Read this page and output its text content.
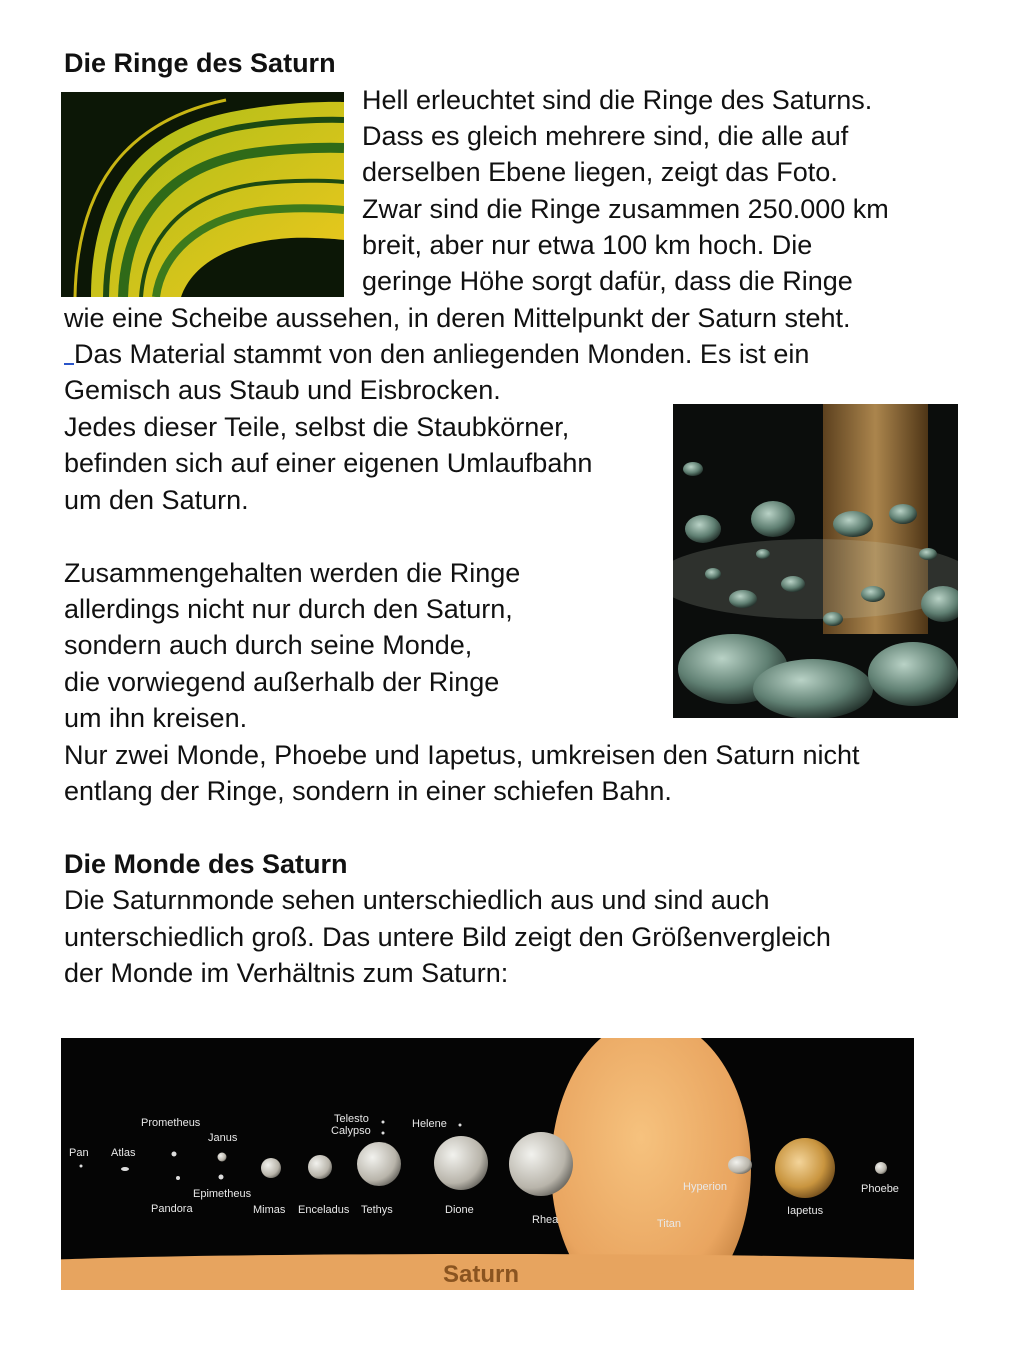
Die Ringe des Saturn
Hell erleuchtet sind die Ringe des Saturns.
Dass es gleich mehrere sind, die alle auf
derselben Ebene liegen, zeigt das Foto.
Zwar sind die Ringe zusammen 250.000 km
breit, aber nur etwa 100 km hoch. Die
geringe Höhe sorgt dafür, dass die Ringe
wie eine Scheibe aussehen, in deren Mittelpunkt der Saturn steht.
Das Material stammt von den anliegenden Monden. Es ist ein
Gemisch aus Staub und Eisbrocken.
Jedes dieser Teile, selbst die Staubkörner,
befinden sich auf einer eigenen Umlaufbahn
um den Saturn.
Zusammengehalten werden die Ringe
allerdings nicht nur durch den Saturn,
sondern auch durch seine Monde,
die vorwiegend außerhalb der Ringe
um ihn kreisen.
Nur zwei Monde, Phoebe und Iapetus, umkreisen den Saturn nicht
entlang der Ringe, sondern in einer schiefen Bahn.
Die Monde des Saturn
Die Saturnmonde sehen unterschiedlich aus und sind auch
unterschiedlich groß. Das untere Bild zeigt den Größenvergleich
der Monde im Verhältnis zum Saturn:
Saturn
Pan Atlas
Prometheus
Pandora
Janus
Epimetheus
Mimas Enceladus Tethys
Telesto
Calypso
Helene
Dione
Rhea	Titan
Hyperion
Iapetus
Phoebe
